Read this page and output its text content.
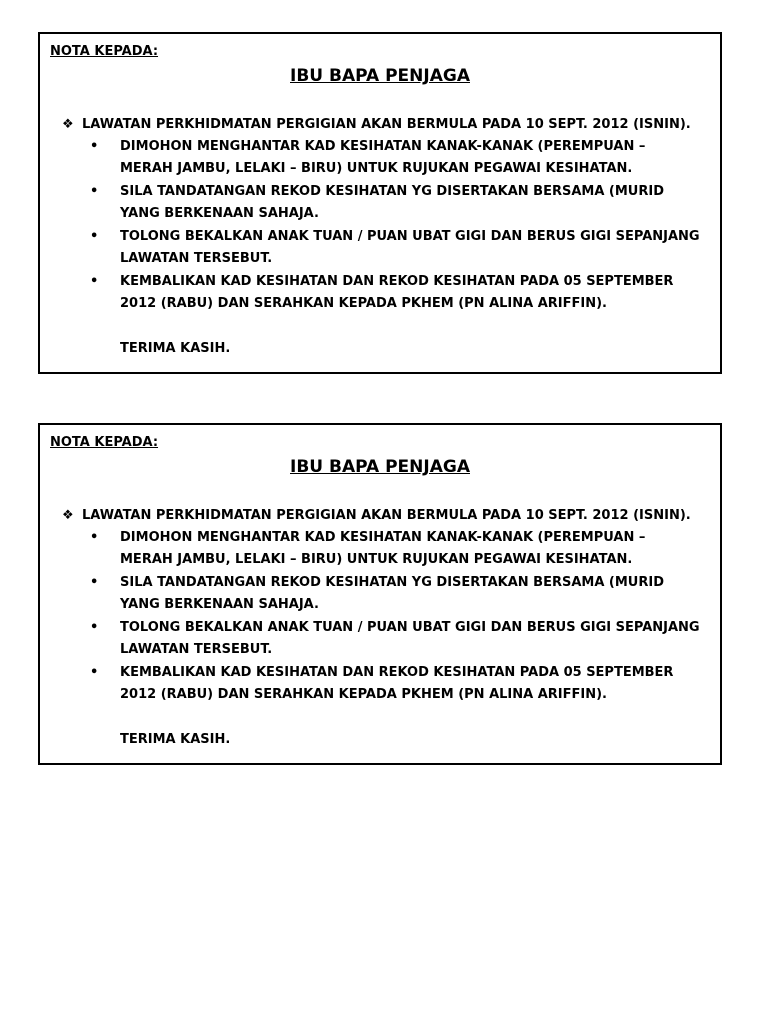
NOTA KEPADA:
IBU BAPA PENJAGA
❖ LAWATAN PERKHIDMATAN PERGIGIAN AKAN BERMULA PADA 10 SEPT. 2012 (ISNIN).
• DIMOHON MENGHANTAR KAD KESIHATAN KANAK-KANAK (PEREMPUAN –
MERAH JAMBU, LELAKI – BIRU) UNTUK RUJUKAN PEGAWAI KESIHATAN.
• SILA TANDATANGAN REKOD KESIHATAN YG DISERTAKAN BERSAMA (MURID
YANG BERKENAAN SAHAJA.
• TOLONG BEKALKAN ANAK TUAN / PUAN UBAT GIGI DAN BERUS GIGI SEPANJANG
LAWATAN TERSEBUT.
• KEMBALIKAN KAD KESIHATAN DAN REKOD KESIHATAN PADA 05 SEPTEMBER
2012 (RABU) DAN SERAHKAN KEPADA PKHEM (PN ALINA ARIFFIN).
TERIMA KASIH.
NOTA KEPADA:
IBU BAPA PENJAGA
❖ LAWATAN PERKHIDMATAN PERGIGIAN AKAN BERMULA PADA 10 SEPT. 2012 (ISNIN).
• DIMOHON MENGHANTAR KAD KESIHATAN KANAK-KANAK (PEREMPUAN –
MERAH JAMBU, LELAKI – BIRU) UNTUK RUJUKAN PEGAWAI KESIHATAN.
• SILA TANDATANGAN REKOD KESIHATAN YG DISERTAKAN BERSAMA (MURID
YANG BERKENAAN SAHAJA.
• TOLONG BEKALKAN ANAK TUAN / PUAN UBAT GIGI DAN BERUS GIGI SEPANJANG
LAWATAN TERSEBUT.
• KEMBALIKAN KAD KESIHATAN DAN REKOD KESIHATAN PADA 05 SEPTEMBER
2012 (RABU) DAN SERAHKAN KEPADA PKHEM (PN ALINA ARIFFIN).
TERIMA KASIH.
